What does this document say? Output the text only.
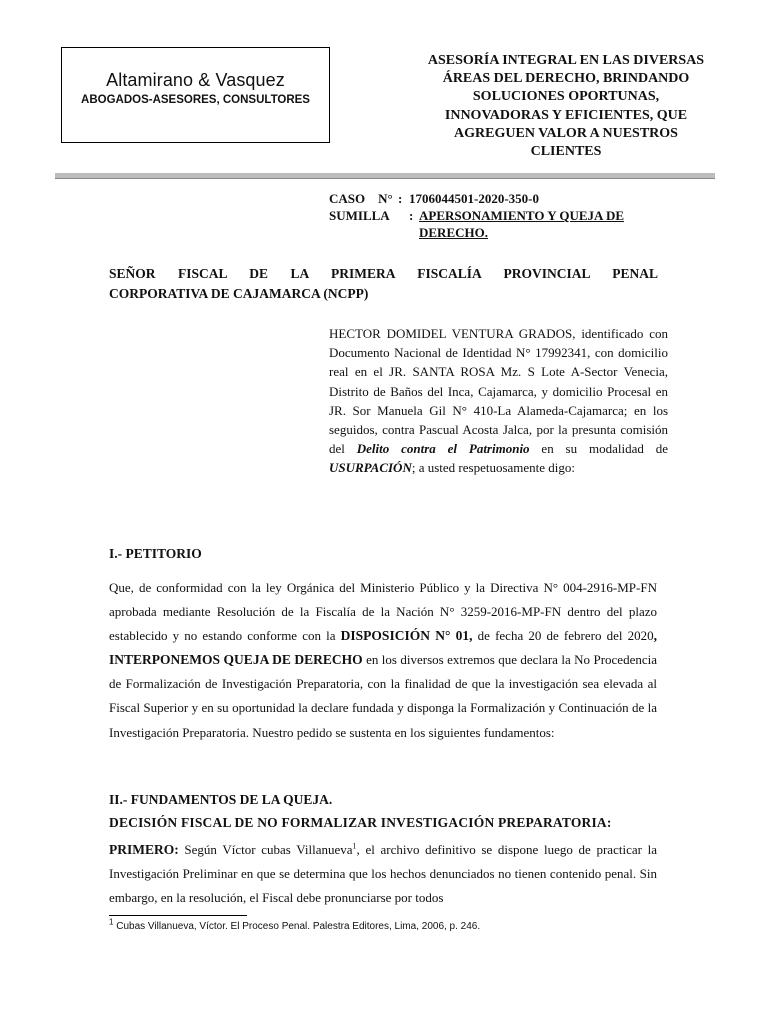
Altamirano & Vasquez
ABOGADOS-ASESORES, CONSULTORES
ASESORÍA INTEGRAL EN LAS DIVERSAS ÁREAS DEL DERECHO, BRINDANDO SOLUCIONES OPORTUNAS, INNOVADORAS Y EFICIENTES, QUE AGREGUEN VALOR A NUESTROS CLIENTES
CASO    N° : 1706044501-2020-350-0
SUMILLA	: APERSONAMIENTO Y QUEJA DE DERECHO.
SEÑOR FISCAL DE LA PRIMERA FISCALÍA PROVINCIAL PENAL
CORPORATIVA DE CAJAMARCA (NCPP)
HECTOR DOMIDEL VENTURA GRADOS, identificado con Documento Nacional de Identidad N° 17992341, con domicilio real en el JR. SANTA ROSA Mz. S Lote A-Sector Venecia, Distrito de Baños del Inca, Cajamarca, y domicilio Procesal en JR. Sor Manuela Gil N° 410-La Alameda-Cajamarca; en los seguidos, contra Pascual Acosta Jalca, por la presunta comisión del Delito contra el Patrimonio en su modalidad de USURPACIÓN; a usted respetuosamente digo:
I.- PETITORIO
Que, de conformidad con la ley Orgánica del Ministerio Público y la Directiva N° 004-2916-MP-FN aprobada mediante Resolución de la Fiscalía de la Nación N° 3259-2016-MP-FN dentro del plazo establecido y no estando conforme con la DISPOSICIÓN N° 01, de fecha 20 de febrero del 2020, INTERPONEMOS QUEJA DE DERECHO en los diversos extremos que declara la No Procedencia de Formalización de Investigación Preparatoria, con la finalidad de que la investigación sea elevada al Fiscal Superior y en su oportunidad la declare fundada y disponga la Formalización y Continuación de la Investigación Preparatoria. Nuestro pedido se sustenta en los siguientes fundamentos:
II.- FUNDAMENTOS DE LA QUEJA.
DECISIÓN FISCAL DE NO FORMALIZAR INVESTIGACIÓN PREPARATORIA:
PRIMERO: Según Víctor cubas Villanueva$^1$, el archivo definitivo se dispone luego de practicar la Investigación Preliminar en que se determina que los hechos denunciados no tienen contenido penal. Sin embargo, en la resolución, el Fiscal debe pronunciarse por todos
$^1$ Cubas Villanueva, Víctor. El Proceso Penal. Palestra Editores, Lima, 2006, p. 246.
